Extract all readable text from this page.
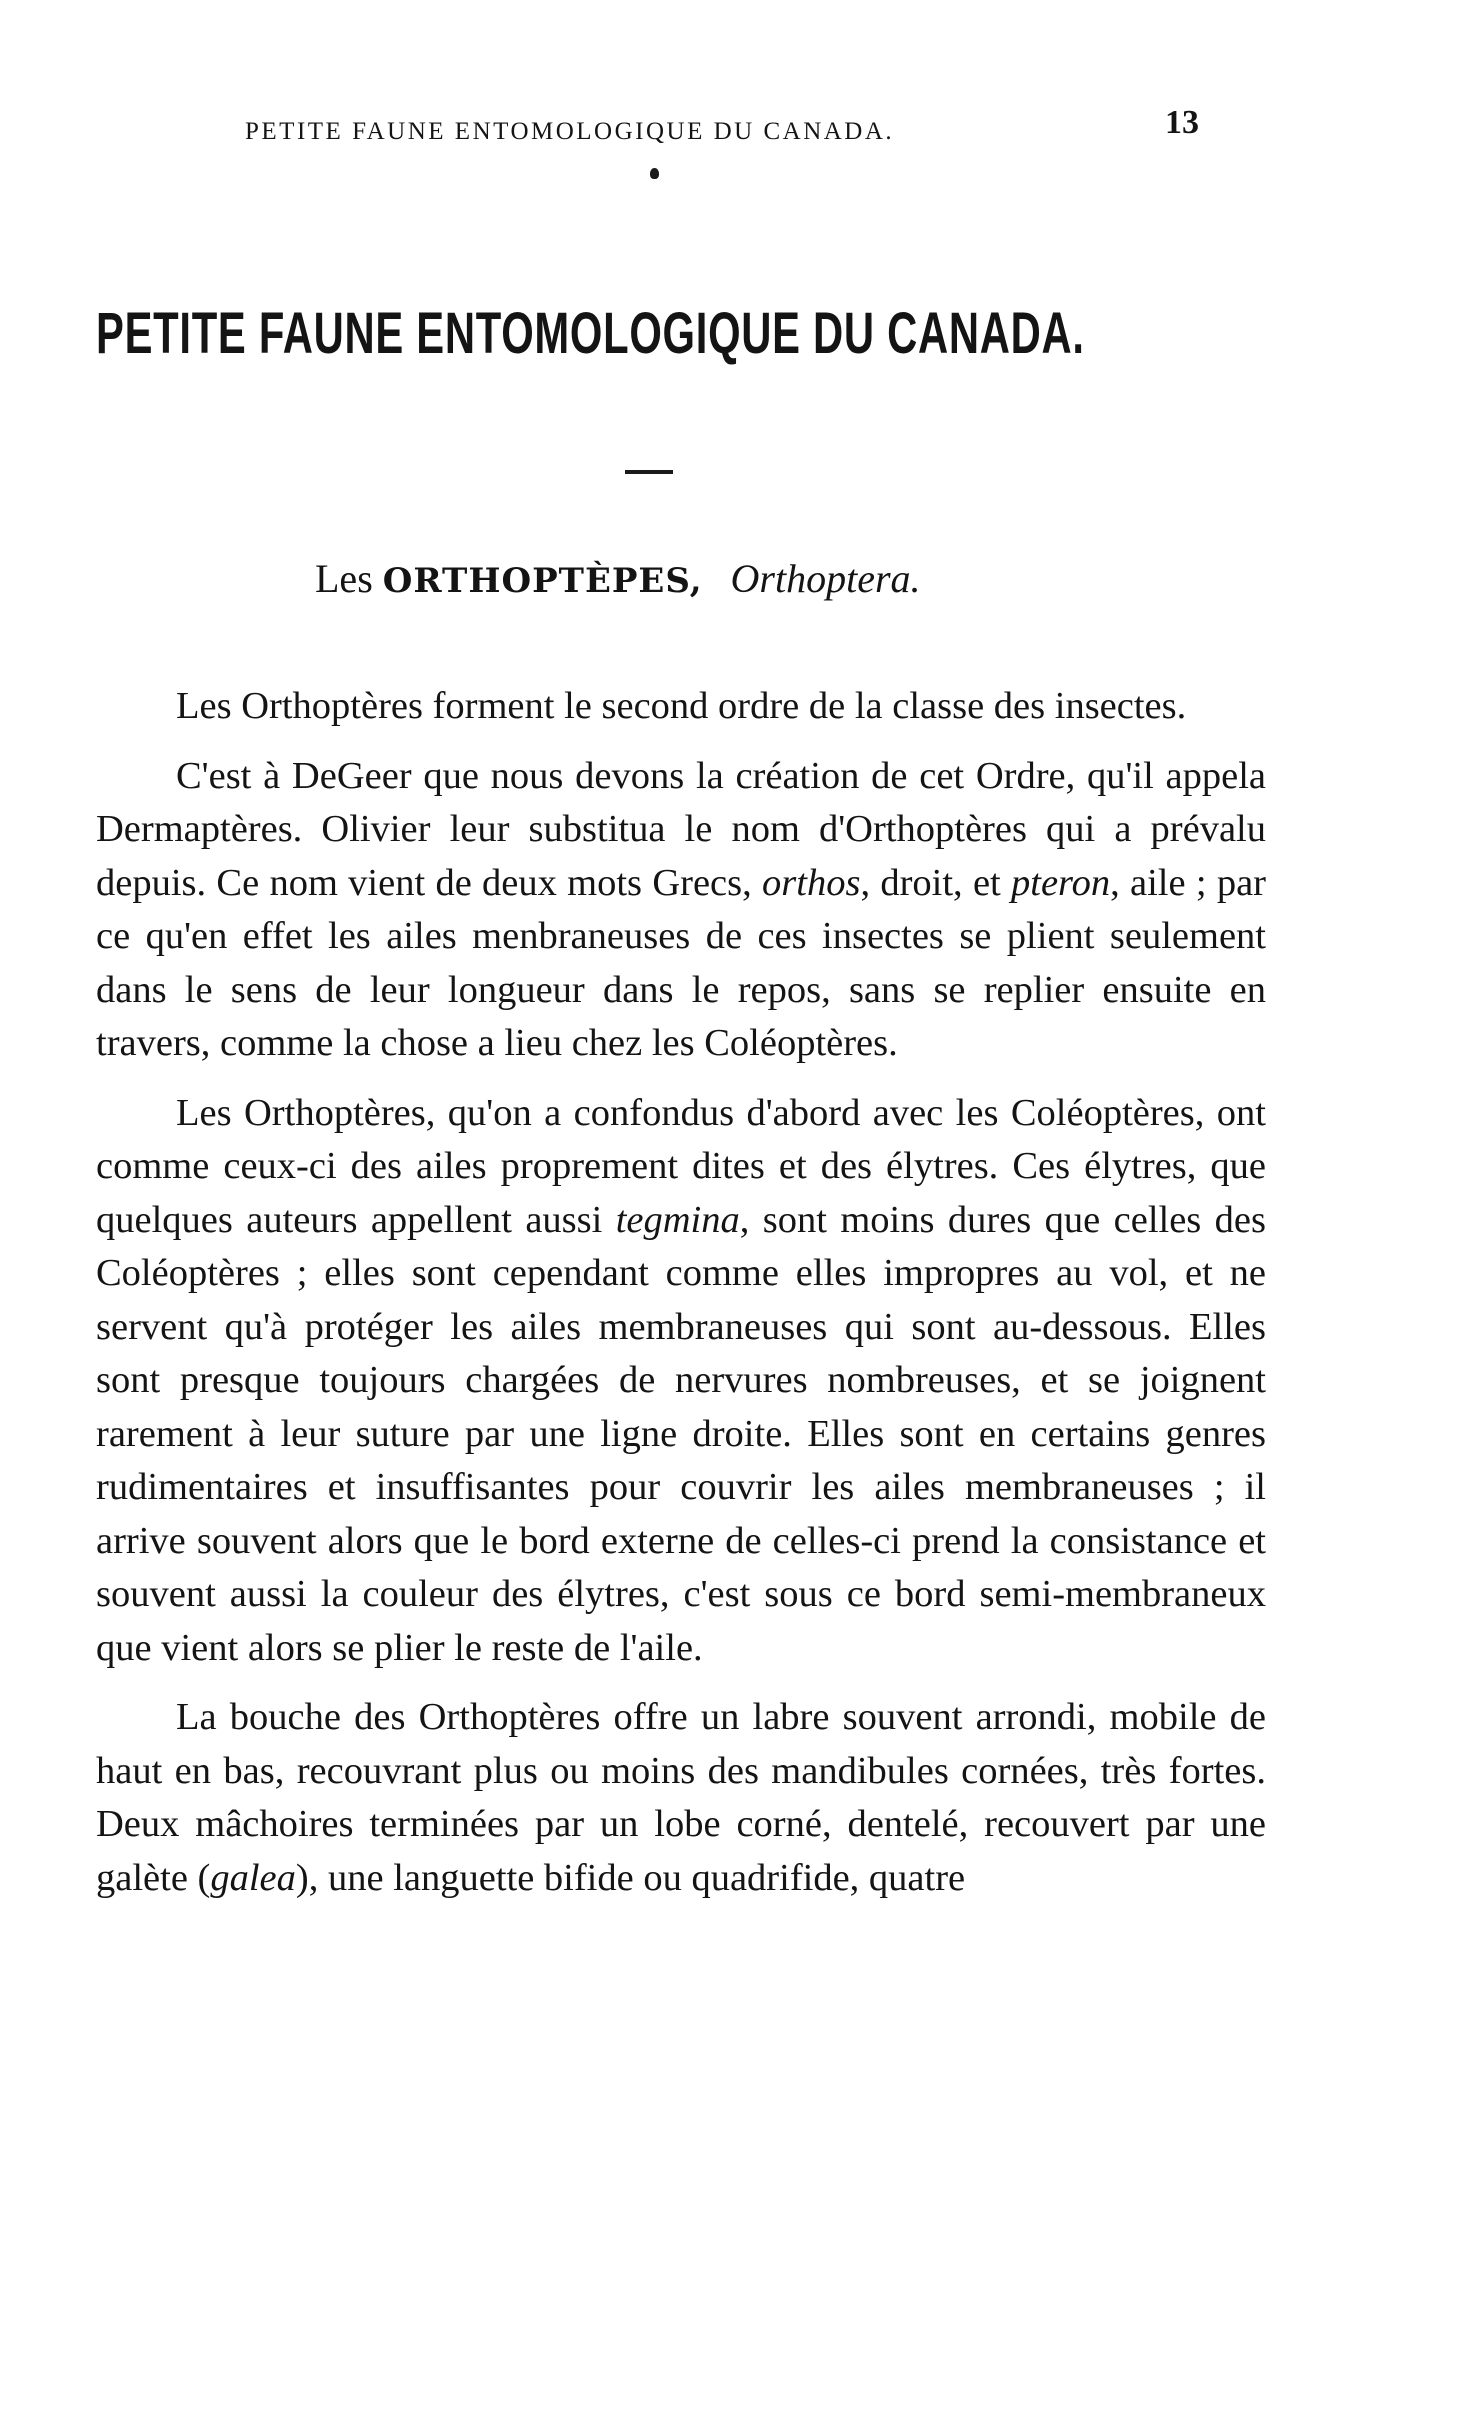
PETITE FAUNE ENTOMOLOGIQUE DU CANADA.	13
PETITE FAUNE ENTOMOLOGIQUE DU CANADA.
Les ORTHOPTÈPES, Orthoptera.

Les Orthoptères forment le second ordre de la classe des insectes.

C'est à DeGeer que nous devons la création de cet Ordre, qu'il appela Dermaptères. Olivier leur substitua le nom d'Orthoptères qui a prévalu depuis. Ce nom vient de deux mots Grecs, orthos, droit, et pteron, aile ; par ce qu'en effet les ailes menbraneuses de ces insectes se plient seulement dans le sens de leur longueur dans le repos, sans se replier ensuite en travers, comme la chose a lieu chez les Coléoptères.

Les Orthoptères, qu'on a confondus d'abord avec les Coléoptères, ont comme ceux-ci des ailes proprement dites et des élytres. Ces élytres, que quelques auteurs appellent aussi tegmina, sont moins dures que celles des Coléoptères ; elles sont cependant comme elles impropres au vol, et ne servent qu'à protéger les ailes membraneuses qui sont au-dessous. Elles sont presque toujours chargées de nervures nombreuses, et se joignent rarement à leur suture par une ligne droite. Elles sont en certains genres rudimentaires et insuffisantes pour couvrir les ailes membraneuses ; il arrive souvent alors que le bord externe de celles-ci prend la consistance et souvent aussi la couleur des élytres, c'est sous ce bord semi-membraneux que vient alors se plier le reste de l'aile.

La bouche des Orthoptères offre un labre souvent arrondi, mobile de haut en bas, recouvrant plus ou moins des mandibules cornées, très fortes. Deux mâchoires terminées par un lobe corné, dentelé, recouvert par une galète (galea), une languette bifide ou quadrifide, quatre
